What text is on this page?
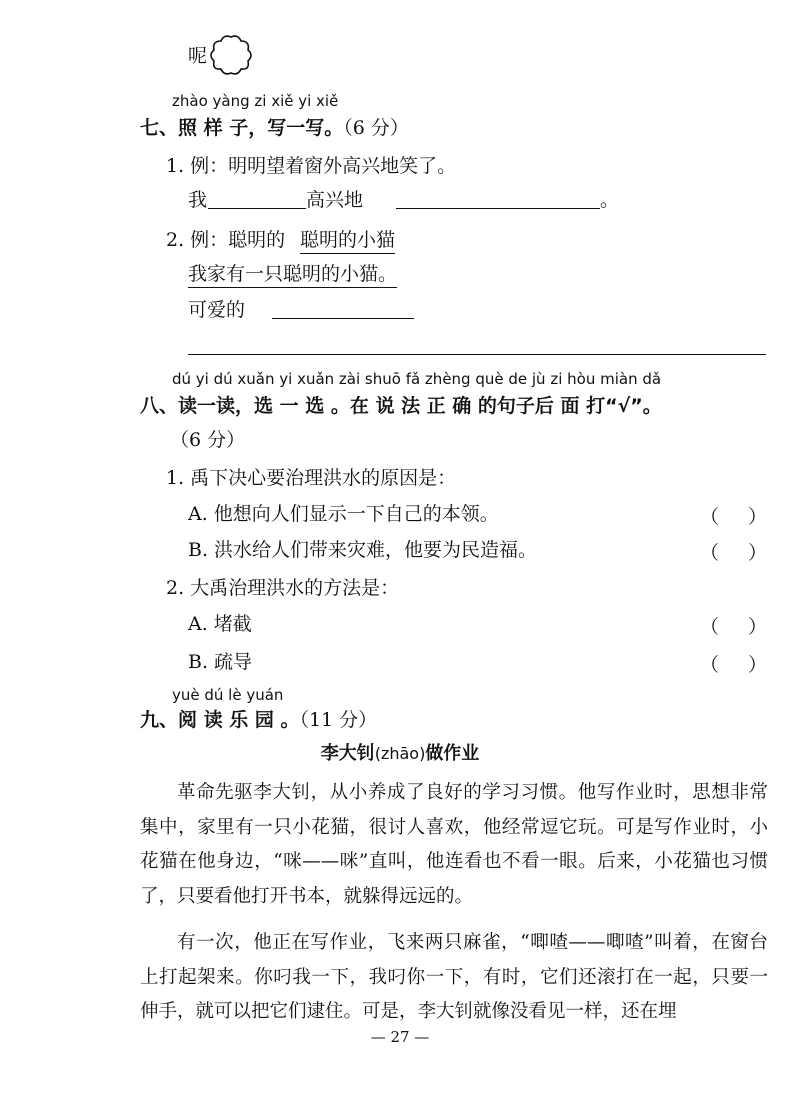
呢
zhào yàng zi xiě yi xiě
七、照 样 子，写一写。（6 分）
1. 例：明明望着窗外高兴地笑了。
我	高兴地	。
2. 例：聪明的 聪明的小猫
我家有一只聪明的小猫。
可爱的
dú yi dú xuǎn yi xuǎn zài shuō fǎ zhèng què de jù zi hòu miàn dǎ
八、读一读，选 一 选 。在 说 法 正 确 的句子后 面 打“√”。
（6 分）
1. 禹下决心要治理洪水的原因是：
A. 他想向人们显示一下自己的本领。	（ ）
B. 洪水给人们带来灾难，他要为民造福。	（ ）
2. 大禹治理洪水的方法是：
A. 堵截	（ ）
B. 疏导	（ ）
yuè dú lè yuán
九、阅 读 乐 园 。（11 分）
李大钊(zhāo)做作业
革命先驱李大钊，从小养成了良好的学习习惯。他写作业时，思想非常集中，家里有一只小花猫，很讨人喜欢，他经常逗它玩。可是写作业时，小花猫在他身边，“咪——咪”直叫，他连看也不看一眼。后来，小花猫也习惯了，只要看他打开书本，就躲得远远的。
有一次，他正在写作业，飞来两只麻雀，“唧喳——唧喳”叫着，在窗台上打起架来。你叼我一下，我叼你一下，有时，它们还滚打在一起，只要一伸手，就可以把它们逮住。可是，李大钊就像没看见一样，还在埋
— 27 —
